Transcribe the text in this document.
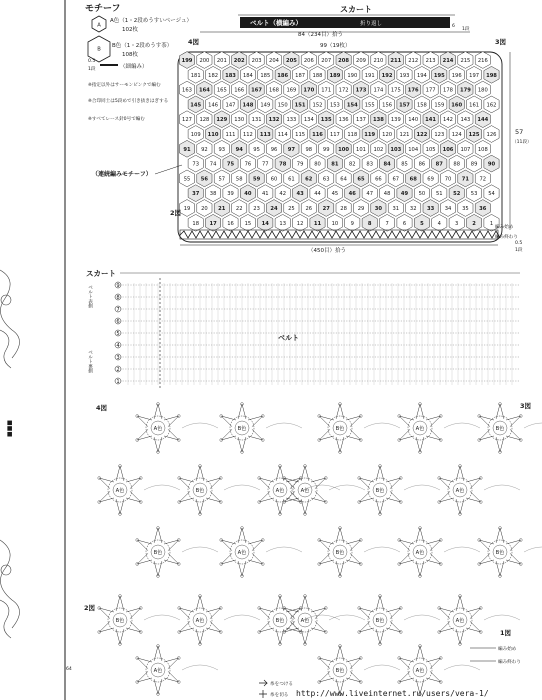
■■■
モチーフ
A
A色（1・2段めうすいベージュ）
102枚
B
B色（1・2段めうす茶）
108枚
（細編み）
0.5
1段
※指定以外はサーモンピンクで編む
※合印同士は5段めで引き抜きはぎする
※すべてレース針0号で編む
スカート
ベルト（横編み）	折り返し	6
1段
84（234目）拾う
4図	3図
99（19枚）
199 200 201 202 203 204 205 206 207 208 209 210 211 212 213 214 215 216
181 182 183 184 185 186 187 188 189 190 191 192 193 194 195 196 197 198
163 164 165 166 167 168 169 170 171 172 173 174 175 176 177 178 179 180
145 146 147 148 149 150 151 152 153 154 155 156 157 158 159 160 161 162
127 128 129 130 131 132 133 134 135 136 137 138 139 140 141 142 143 144
109 110 111 112 113 114 115 116 117 118 119 120 121 122 123 124 125 126
91 92 93 94 95 96 97 98 99 100 101 102 103 104 105 106 107 108
73 74 75 76 77 78 79 80 81 82 83 84 85 86 87 88 89 90
55 56 57 58 59 60 61 62 63 64 65 66 67 68 69 70 71 72
37 38 39 40 41 42 43 44 45 46 47 48 49 50 51 52 53 54
19 20 21 22 23 24 25 26 27 28 29 30 31 32 33 34 35 36
18 17 16 15 14 13 12 11 10 9	8	7	6	5	4	3	2	1
57
（11段）
（連続編みモチーフ）
2図
編み始め
編み終わり
0.5
1段
（450目）拾う
スカート
9
8
7
6
5
4
3
2
1
ベルト
ベルト表側
ベルト裏側
4図	3図
2図
1図
A色	B色
A色	B色	A色
B色	A色
B色	A色	B色
A色
B色	A色	B色
A色	B色	A色
B色	A色	B色
A色	B色	A色
B色	A色
編み始め
編み終わり
糸をつける
糸を切る
64
http://www.liveinternet.ru/users/vera-1/
